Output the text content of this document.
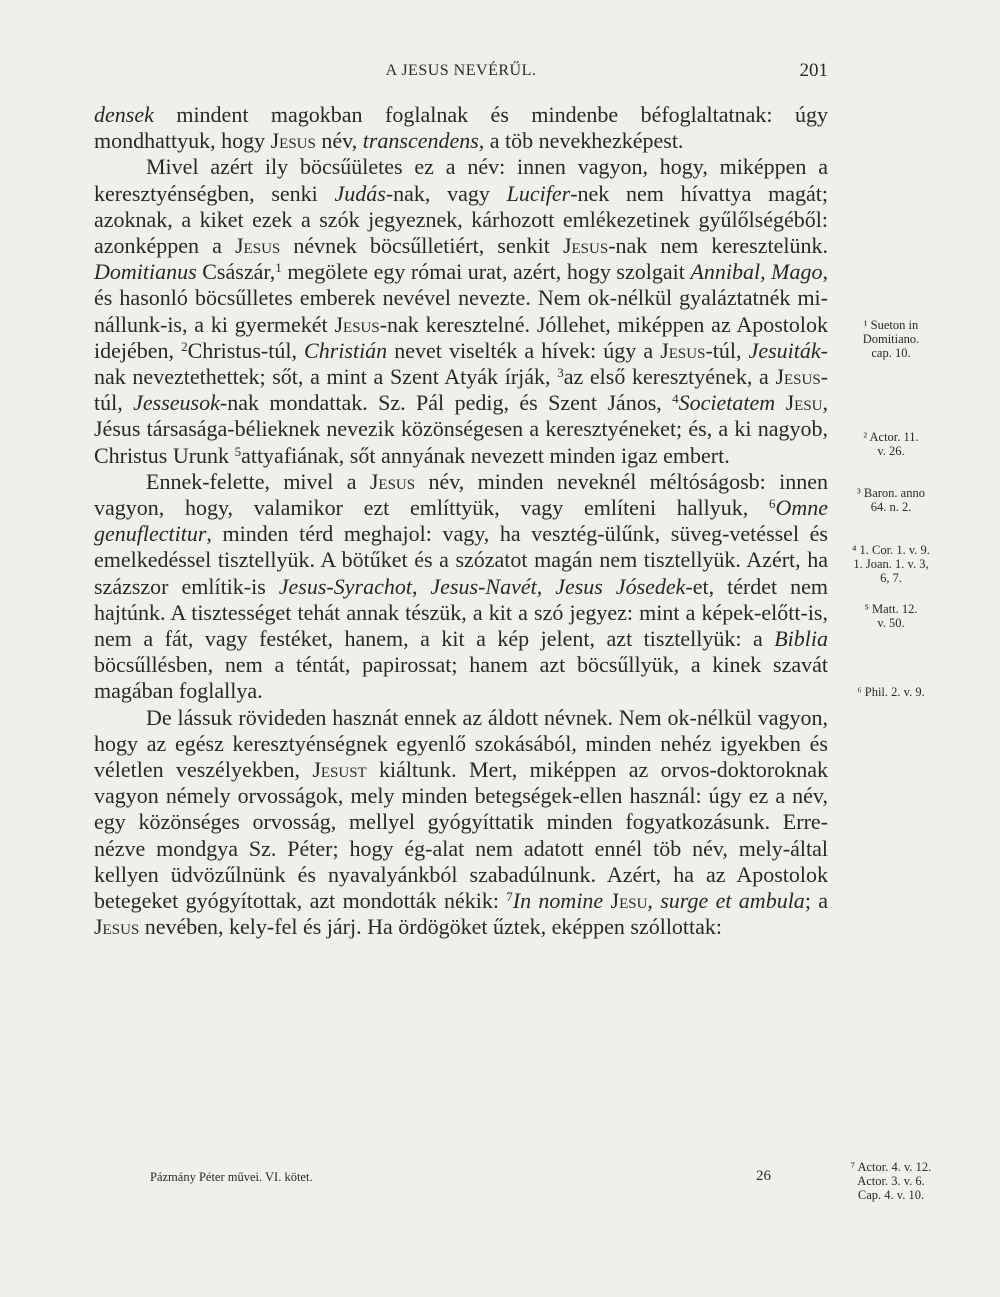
A JESUS NEVÉRŰL.	201

densek mindent magokban foglalnak és mindenbe béfoglaltatnak: úgy mondhattyuk, hogy Jesus név, transcendens, a töb nevekhezképest.

Mivel azért ily böcsűületes ez a név: innen vagyon, hogy, miképpen a keresztyénségben, senki Judás-nak, vagy Lucifer-nek nem hívattya magát; azoknak, a kiket ezek a szók jegyeznek, kárhozott emlékezetinek gyűlőlségéből: azonképpen a Jesus névnek böcsűlletiért, senkit Jesus-nak nem keresztelünk. Domitianus Császár,$^1$ megölete egy római urat, azért, hogy szolgait Annibal, Mago, és hasonló böcsűlletes emberek nevével nevezte. Nem ok-nélkül gyaláztatnék mi-nállunk-is, a ki gyermekét Jesus-nak keresztelné. Jóllehet, miképpen az Apostolok idejében, $^2$Christus-túl, Christián nevet viselték a hívek: úgy a Jesus-túl, Jesuiták-nak neveztethettek; sőt, a mint a Szent Atyák írják, $^3$az első keresztyének, a Jesus-túl, Jesseusok-nak mondattak. Sz. Pál pedig, és Szent János, $^4$Societatem Jesu, Jésus társasága-bélieknek nevezik közönségesen a keresztyéneket; és, a ki nagyob, Christus Urunk $^5$attyafiának, sőt annyának nevezett minden igaz embert.

Ennek-felette, mivel a Jesus név, minden neveknél méltóságosb: innen vagyon, hogy, valamikor ezt említtyük, vagy említeni hallyuk, $^6$Omne genuflectitur, minden térd meghajol: vagy, ha vesztég-ülűnk, süveg-vetéssel és emelkedéssel tisztellyük. A bötűket és a szózatot magán nem tisztellyük. Azért, ha százszor említik-is Jesus-Syrachot, Jesus-Navét, Jesus Jósedek-et, térdet nem hajtúnk. A tisztességet tehát annak tészük, a kit a szó jegyez: mint a képek-előtt-is, nem a fát, vagy festéket, hanem, a kit a kép jelent, azt tisztellyük: a Biblia böcsűllésben, nem a téntát, papirossat; hanem azt böcsűllyük, a kinek szavát magában foglallya.

De lássuk rövideden hasznát ennek az áldott névnek. Nem ok-nélkül vagyon, hogy az egész keresztyénségnek egyenlő szokásából, minden nehéz igyekben és véletlen veszélyekben, Jesust kiáltunk. Mert, miképpen az orvos-doktoroknak vagyon némely orvosságok, mely minden betegségek-ellen használ: úgy ez a név, egy közönséges orvosság, mellyel gyógyíttatik minden fogyatkozásunk. Erre-nézve mondgya Sz. Péter; hogy ég-alat nem adatott ennél töb név, mely-által kellyen üdvözűlnünk és nyavalyánkból szabadúlnunk. Azért, ha az Apostolok betegeket gyógyítottak, azt mondották nékik: $^7$In nomine Jesu, surge et ambula; a Jesus nevében, kely-fel és járj. Ha ördögöket űztek, eképpen szóllottak:

¹ Sueton in
Domitiano.
cap. 10.
² Actor. 11.
v. 26.
³ Baron. anno
64. n. 2.
⁴ 1. Cor. 1. v. 9.
1. Joan. 1. v. 3,
6, 7.
⁵ Matt. 12.
v. 50.
⁶ Phil. 2. v. 9.
⁷ Actor. 4. v. 12.
Actor. 3. v. 6.
Cap. 4. v. 10.
Pázmány Péter művei. VI. kötet.	26
